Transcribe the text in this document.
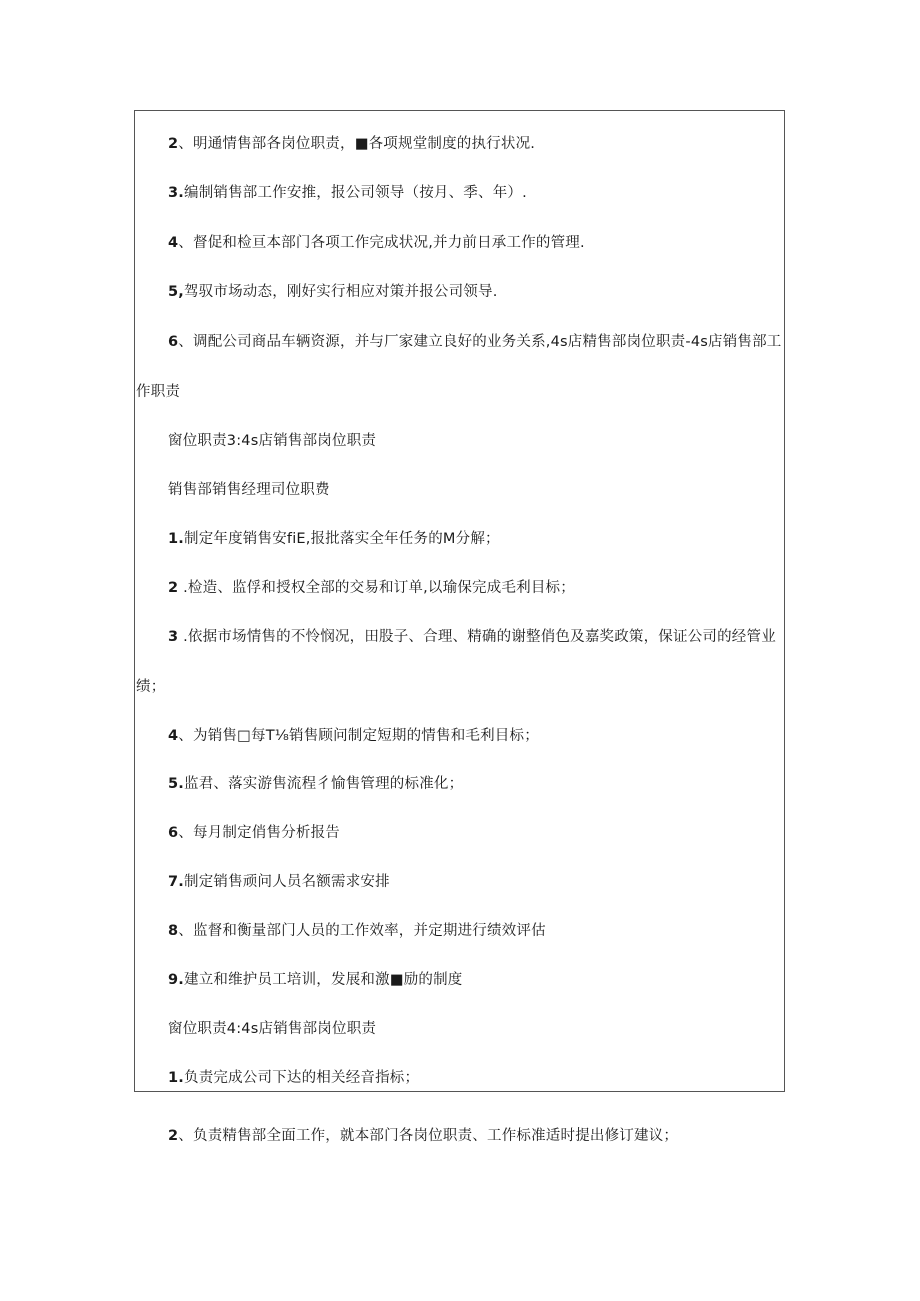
2、明通情售部各岗位职责，■各项规堂制度的执行状况.
3.编制销售部工作安推，报公司领导（按月、季、年）.
4、督促和检亘本部门各项工作完成状况,并力前日承工作的管理.
5,驾驭市场动态，刚好实行相应对策并报公司领导.
6、调配公司商品车辆资源，并与厂家建立良好的业务关系,4s店精售部岗位职责-4s店销售部工
作职责
窗位职责3:4s店销售部岗位职责
销售部销售经理司位职费
1.制定年度销售安fiE,报批落实全年任务的M分解；
2 .检造、监俘和授权全部的交易和订单,以瑜保完成毛利目标；
3 .依据市场情售的不怜悯况，田股子、合理、精确的谢整俏色及嘉奖政策，保证公司的经管业
绩；
4、为销售□每T⅛销售顾问制定短期的情售和毛利目标；
5.监君、落实游售流程彳愉售管理的标准化；
6、每月制定俏售分析报告
7.制定销售顽问人员名额需求安排
8、监督和衡量部门人员的工作效率，并定期进行绩效评估
9.建立和维护员工培训，发展和激■励的制度
窗位职责4:4s店销售部岗位职责
1.负责完成公司下达的相关经音指标；
2、负责精售部全面工作，就本部门各岗位职责、工作标准适时提出修订建议；
